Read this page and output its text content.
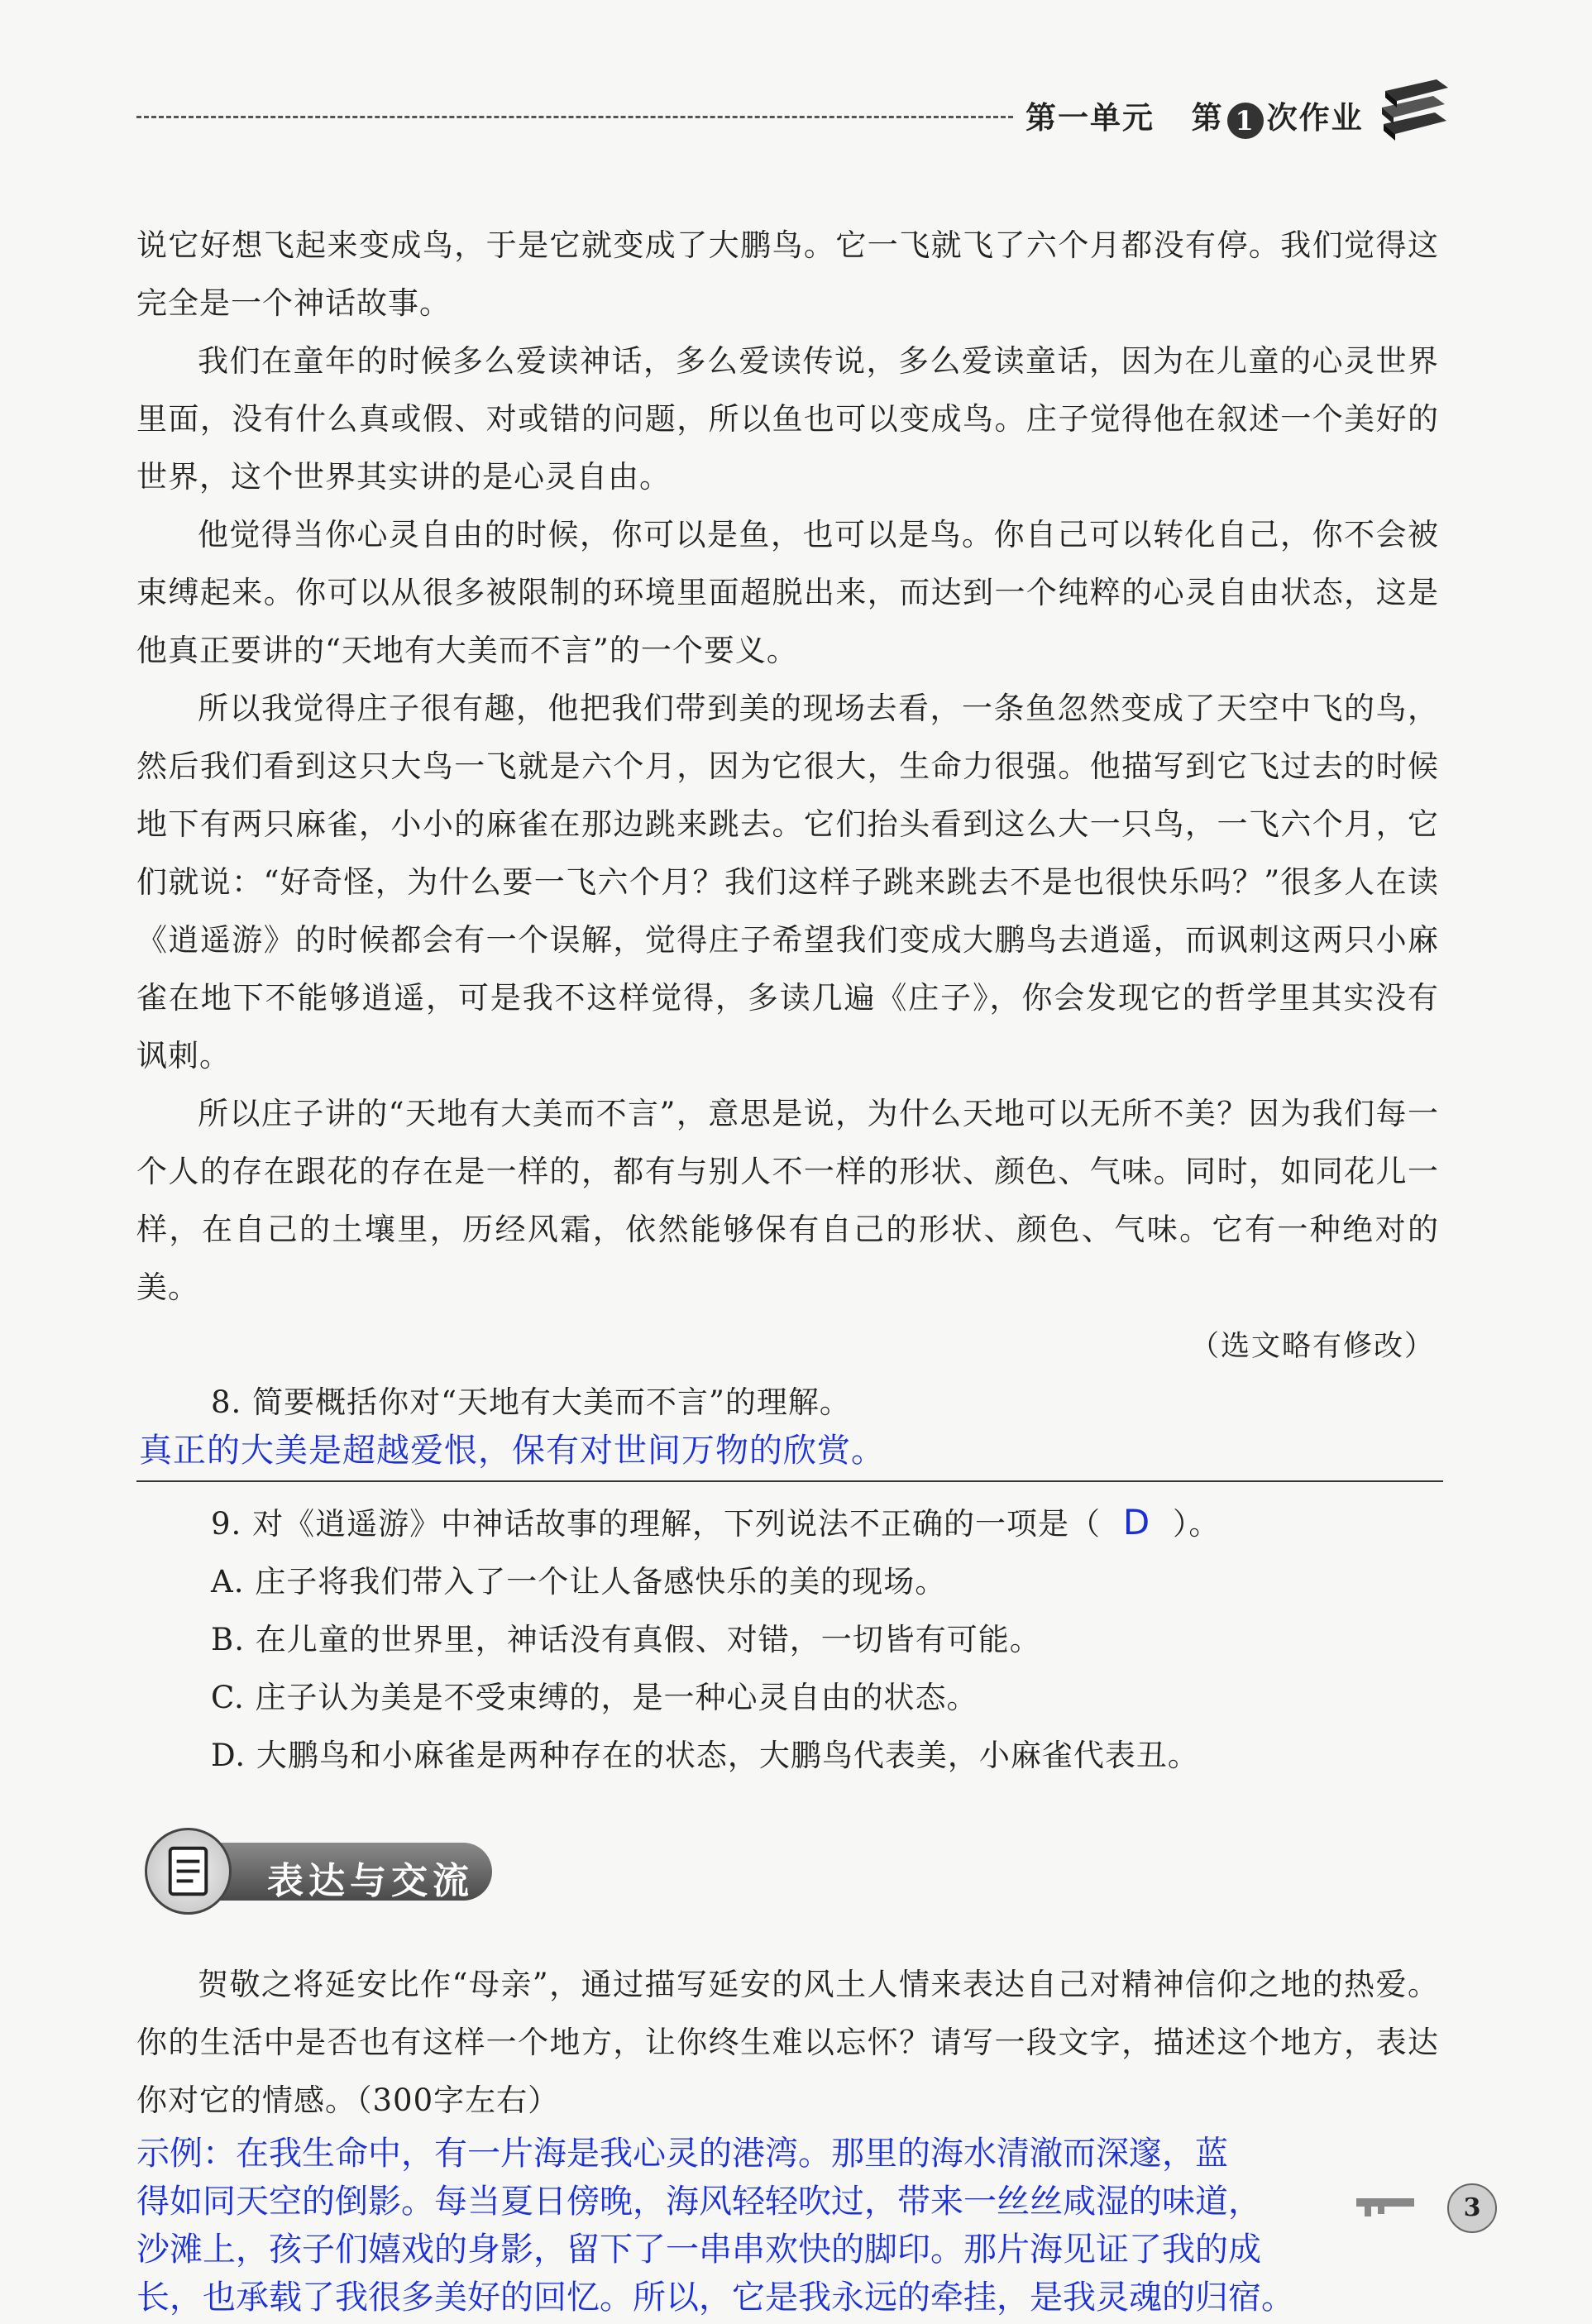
第一单元 第 1 次作业

说它好想飞起来变成鸟，于是它就变成了大鹏鸟。它一飞就飞了六个月都没有停。我们觉得这完全是一个神话故事。

我们在童年的时候多么爱读神话，多么爱读传说，多么爱读童话，因为在儿童的心灵世界里面，没有什么真或假、对或错的问题，所以鱼也可以变成鸟。庄子觉得他在叙述一个美好的世界，这个世界其实讲的是心灵自由。

他觉得当你心灵自由的时候，你可以是鱼，也可以是鸟。你自己可以转化自己，你不会被束缚起来。你可以从很多被限制的环境里面超脱出来，而达到一个纯粹的心灵自由状态，这是他真正要讲的“天地有大美而不言”的一个要义。

所以我觉得庄子很有趣，他把我们带到美的现场去看，一条鱼忽然变成了天空中飞的鸟，然后我们看到这只大鸟一飞就是六个月，因为它很大，生命力很强。他描写到它飞过去的时候地下有两只麻雀，小小的麻雀在那边跳来跳去。它们抬头看到这么大一只鸟，一飞六个月，它们就说：“好奇怪，为什么要一飞六个月？我们这样子跳来跳去不是也很快乐吗？”很多人在读《逍遥游》的时候都会有一个误解，觉得庄子希望我们变成大鹏鸟去逍遥，而讽刺这两只小麻雀在地下不能够逍遥，可是我不这样觉得，多读几遍《庄子》，你会发现它的哲学里其实没有讽刺。

所以庄子讲的“天地有大美而不言”，意思是说，为什么天地可以无所不美？因为我们每一个人的存在跟花的存在是一样的，都有与别人不一样的形状、颜色、气味。同时，如同花儿一样，在自己的土壤里，历经风霜，依然能够保有自己的形状、颜色、气味。它有一种绝对的美。

（选文略有修改）
8. 简要概括你对“天地有大美而不言”的理解。
真正的大美是超越爱恨，保有对世间万物的欣赏。
9. 对《逍遥游》中神话故事的理解，下列说法不正确的一项是（ D ）。
A. 庄子将我们带入了一个让人备感快乐的美的现场。
B. 在儿童的世界里，神话没有真假、对错，一切皆有可能。
C. 庄子认为美是不受束缚的，是一种心灵自由的状态。
D. 大鹏鸟和小麻雀是两种存在的状态，大鹏鸟代表美，小麻雀代表丑。
表达与交流

贺敬之将延安比作“母亲”，通过描写延安的风土人情来表达自己对精神信仰之地的热爱。你的生活中是否也有这样一个地方，让你终生难以忘怀？请写一段文字，描述这个地方，表达你对它的情感。（300字左右）

示例：在我生命中，有一片海是我心灵的港湾。那里的海水清澈而深邃，蓝
得如同天空的倒影。每当夏日傍晚，海风轻轻吹过，带来一丝丝咸湿的味道，
沙滩上，孩子们嬉戏的身影，留下了一串串欢快的脚印。那片海见证了我的成
长，也承载了我很多美好的回忆。所以，它是我永远的牵挂，是我灵魂的归宿。
3
